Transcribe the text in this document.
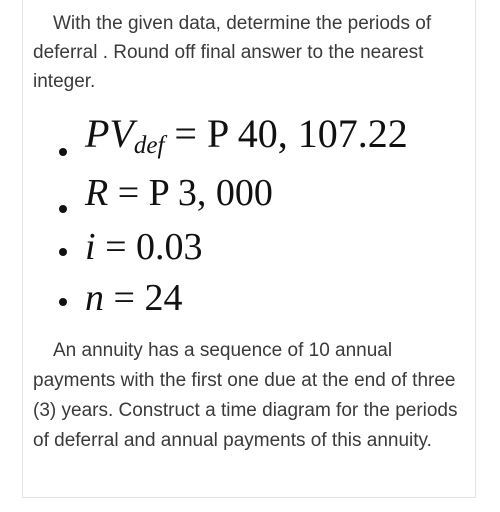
With the given data, determine the periods of deferral . Round off final answer to the nearest integer.

$PV_{def} = P$ 40, 107.22
R = P 3, 000
i = 0.03
n = 24

An annuity has a sequence of 10 annual payments with the first one due at the end of three (3) years. Construct a time diagram for the periods of deferral and annual payments of this annuity.
